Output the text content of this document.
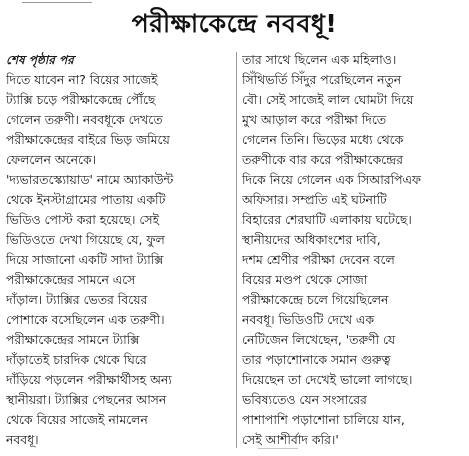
পরীক্ষাকেন্দ্রে নববধূ!
শেষ পৃষ্ঠার পর
দিতে যাবেন না? বিয়ের সাজেই
ট্যাক্সি চড়ে পরীক্ষাকেন্দ্রে পৌঁছে
গেলেন তরুণী। নববধূকে দেখতে
পরীক্ষাকেন্দ্রের বাইরে ভিড় জমিয়ে
ফেললেন অনেকে।
'দ্যভারতস্ক্যোয়াড' নামে অ্যাকাউন্ট
থেকে ইনস্টাগ্রামের পাতায় একটি
ভিডিও পোস্ট করা হয়েছে। সেই
ভিডিওতে দেখা গিয়েছে যে, ফুল
দিয়ে সাজানো একটি সাদা ট্যাক্সি
পরীক্ষাকেন্দ্রের সামনে এসে
দাঁড়াল। ট্যাক্সির ভেতর বিয়ের
পোশাকে বসেছিলেন এক তরুণী।
পরীক্ষাকেন্দ্রের সামনে ট্যাক্সি
দাঁড়াতেই চারদিক থেকে ঘিরে
দাঁড়িয়ে পড়লেন পরীক্ষার্থীসহ অন্য
স্থানীয়রা। ট্যাক্সির পেছনের আসন
থেকে বিয়ের সাজেই নামলেন
নববধূ।
তার সাথে ছিলেন এক মহিলাও।
সিঁথিভর্তি সিঁদুর পরেছিলেন নতুন
বৌ। সেই সাজেই লাল ঘোমটা দিয়ে
মুখ আড়াল করে পরীক্ষা দিতে
গেলেন তিনি। ভিড়ের মধ্যে থেকে
তরুণীকে বার করে পরীক্ষাকেন্দ্রের
দিকে নিয়ে গেলেন এক সিআরপিএফ
অফিসার। সম্প্রতি এই ঘটনাটি
বিহারের শেরঘাটি এলাকায় ঘটেছে।
স্থানীয়দের অধিকাংশের দাবি,
দশম শ্রেণীর পরীক্ষা দেবেন বলে
বিয়ের মণ্ডপ থেকে সোজা
পরীক্ষাকেন্দ্রে চলে গিয়েছিলেন
নববধূ। ভিডিওটি দেখে এক
নেটিজেন লিখেছেন, 'তরুণী যে
তার পড়াশোনাকে সমান গুরুত্ব
দিয়েছেন তা দেখেই ভালো লাগছে।
ভবিষ্যতেও যেন সংসারের
পাশাপাশি পড়াশোনা চালিয়ে যান,
সেই আশীর্বাদ করি।'
